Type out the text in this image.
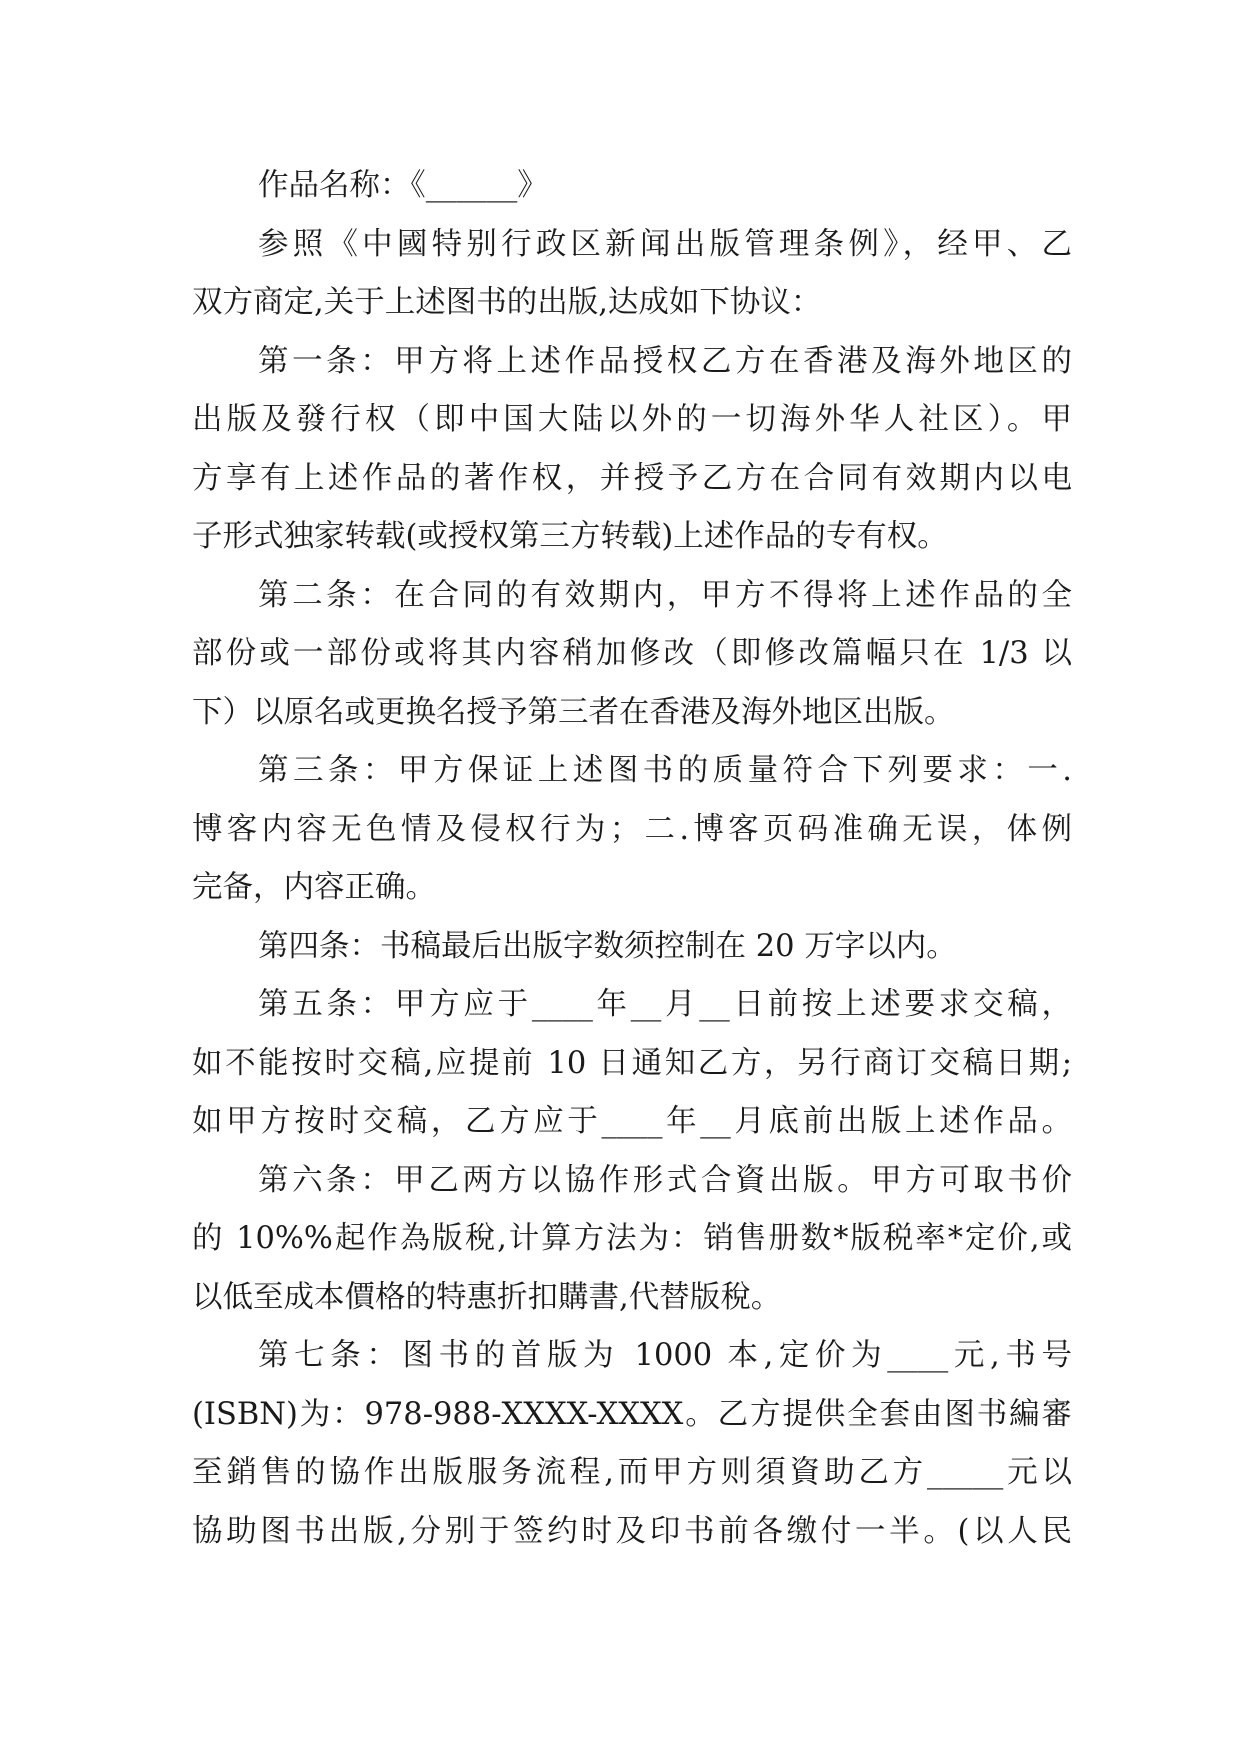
作品名称：《______》
参照《中國特别行政区新闻出版管理条例》，经甲、乙
双方商定,关于上述图书的出版,达成如下协议：
第一条：甲方将上述作品授权乙方在香港及海外地区的
出版及發行权（即中国大陆以外的一切海外华人社区）。甲
方享有上述作品的著作权，并授予乙方在合同有效期内以电
子形式独家转载(或授权第三方转载)上述作品的专有权。
第二条：在合同的有效期内，甲方不得将上述作品的全
部份或一部份或将其内容稍加修改（即修改篇幅只在 1/3 以
下）以原名或更换名授予第三者在香港及海外地区出版。
第三条：甲方保证上述图书的质量符合下列要求：一.
博客内容无色情及侵权行为；二.博客页码准确无误，体例
完备，内容正确。
第四条：书稿最后出版字数须控制在 20 万字以内。
第五条：甲方应于____年__月__日前按上述要求交稿，
如不能按时交稿,应提前 10 日通知乙方，另行商订交稿日期;
如甲方按时交稿，乙方应于____年__月底前出版上述作品。
第六条：甲乙两方以協作形式合資出版。甲方可取书价
的 10%%起作為版稅,计算方法为：销售册数*版税率*定价,或
以低至成本價格的特惠折扣購書,代替版稅。
第七条：图书的首版为 1000 本,定价为____元,书号
(ISBN)为：978-988-XXXX-XXXX。乙方提供全套由图书編審
至銷售的協作出版服务流程,而甲方则須資助乙方_____元以
協助图书出版,分别于签约时及印书前各缴付一半。(以人民
